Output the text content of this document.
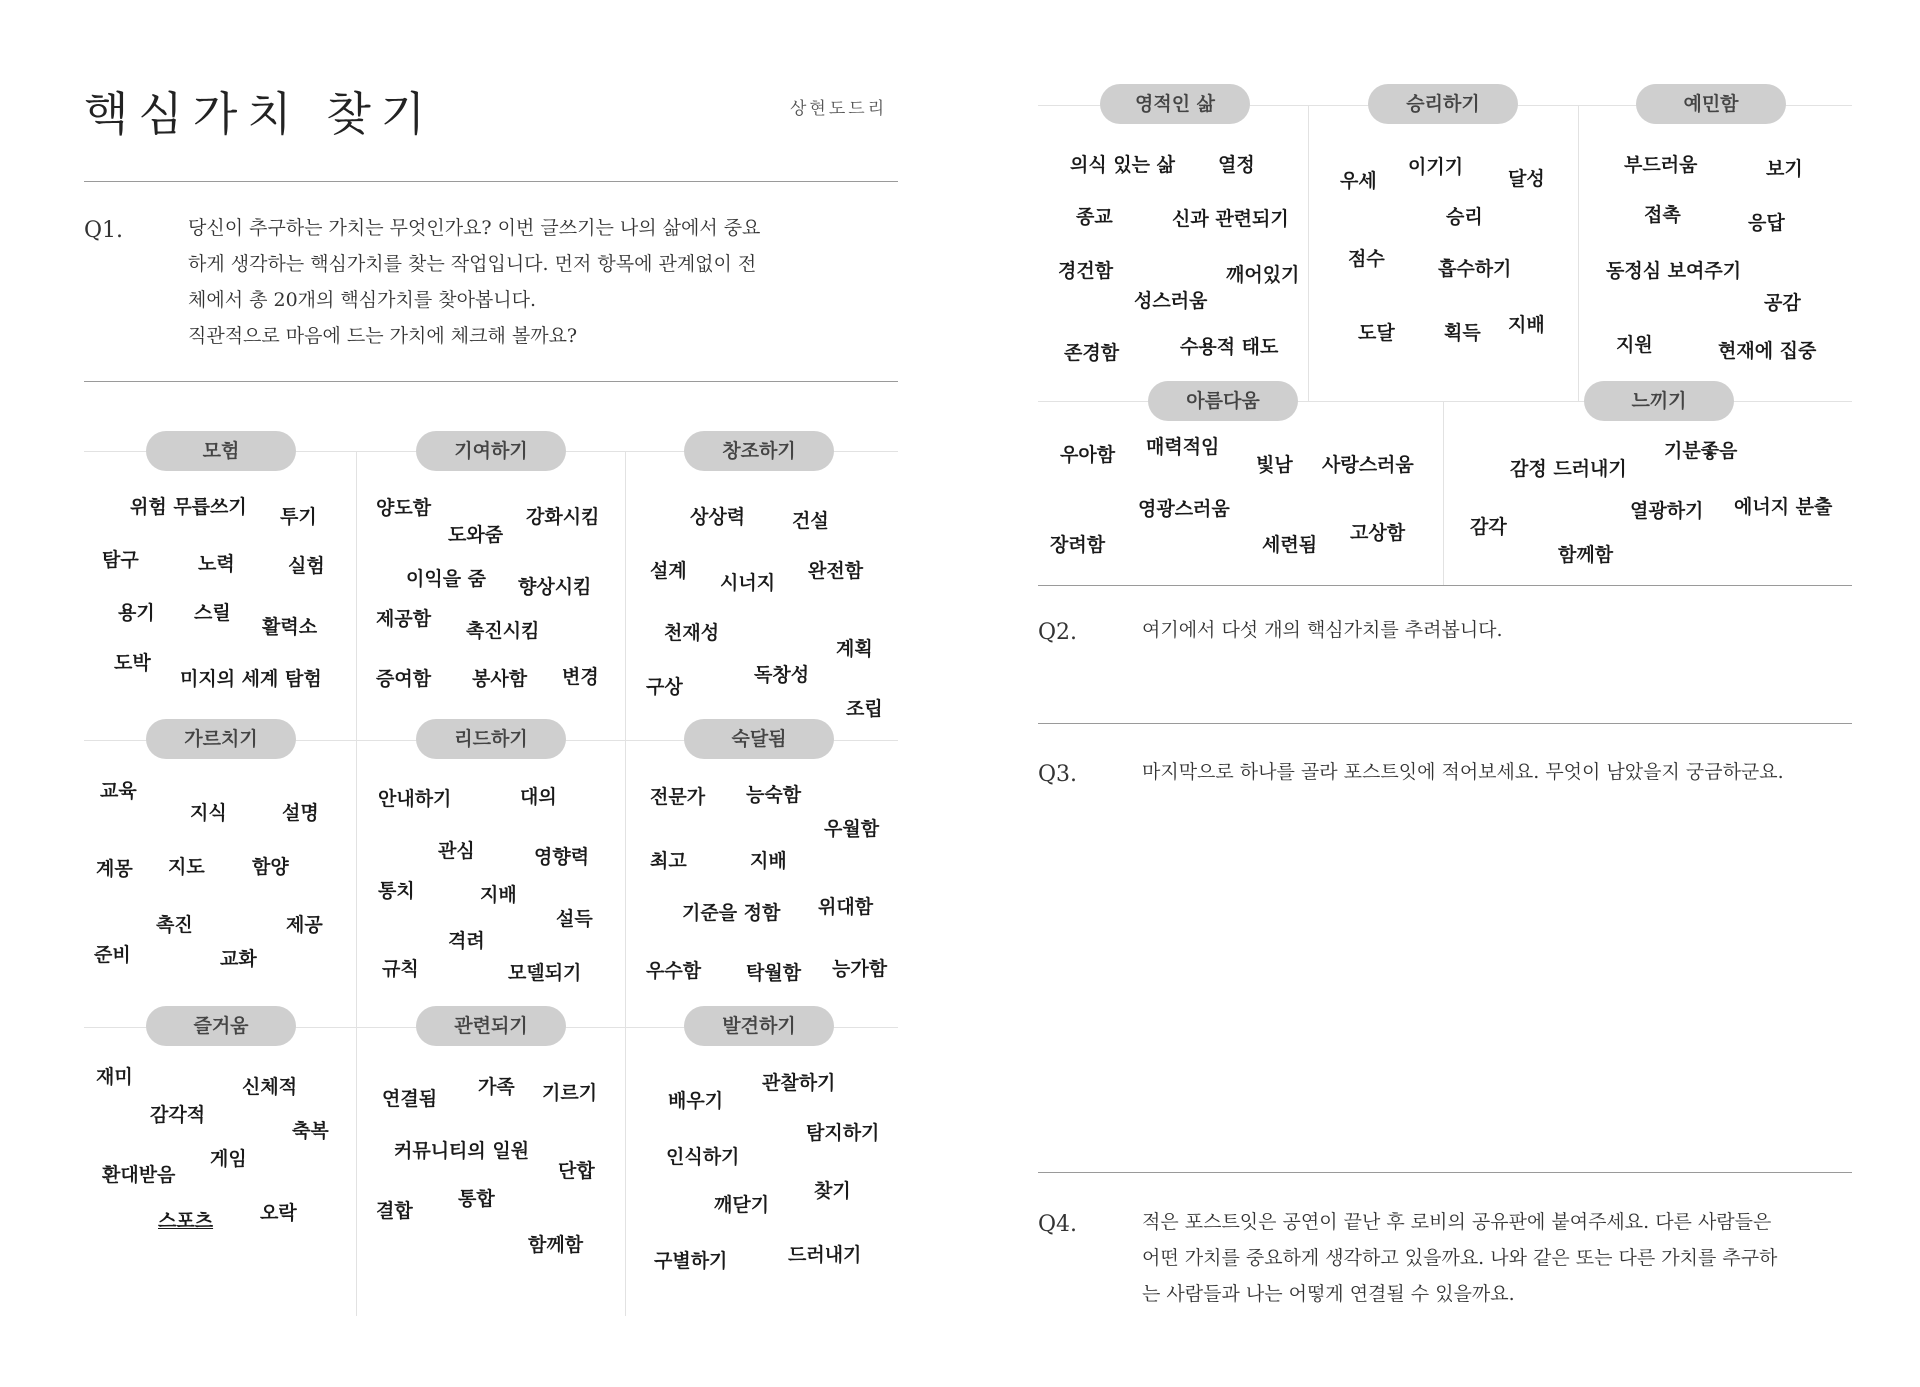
핵심가치 찾기	상현도드리
Q1.	당신이 추구하는 가치는 무엇인가요? 이번 글쓰기는 나의 삶에서 중요
하게 생각하는 핵심가치를 찾는 작업입니다. 먼저 항목에 관계없이 전
체에서 총 20개의 핵심가치를 찾아봅니다.
직관적으로 마음에 드는 가치에 체크해 볼까요?
모험
위험 무릅쓰기 투기
탐구	노력	실험
용기 스릴
활력소
도박
미지의 세계 탐험
기여하기
양도함	강화시킴
도와줌
이익을 줌 향상시킴
제공함
촉진시킴
증여함 봉사함 변경
창조하기
상상력 건설
설계
시너지
완전함
천재성
계획
독창성
구상
조립
가르치기
교육
지식	설명
계몽 지도 함양
촉진	제공
준비	교화
리드하기
안내하기	대의
관심	영향력
통치	지배
설득
격려
규칙	모델되기
숙달됨
전문가 능숙함
우월함
최고	지배
기준을 정함 위대함
우수함 탁월함 능가함
즐거움
재미	신체적
감각적
축복
게임
환대받음
스포츠 오락
관련되기
연결됨
가족 기르기
커뮤니티의 일원
단합
통합
결합
함께함
발견하기
배우기
관찰하기
탐지하기
인식하기
찾기
깨닫기
구별하기	드러내기
영적인 삶
의식 있는 삶 열정
종교	신과 관련되기
경건함	깨어있기
성스러움
존경함	수용적 태도
승리하기
이기기
우세	달성
승리
점수	흡수하기
도달	획득 지배
예민함
부드러움	보기
접촉	응답
동정심 보여주기
공감
지원	현재에 집중
아름다움
우아함 매력적임
빛남 사랑스러움
영광스러움
장려함	세련됨
고상함
느끼기
기분좋음
감정 드러내기
에너지 분출
열광하기
감각
함께함
Q2.	여기에서 다섯 개의 핵심가치를 추려봅니다.
Q3.	마지막으로 하나를 골라 포스트잇에 적어보세요. 무엇이 남았을지 궁금하군요.
Q4.	적은 포스트잇은 공연이 끝난 후 로비의 공유판에 붙여주세요. 다른 사람들은
어떤 가치를 중요하게 생각하고 있을까요. 나와 같은 또는 다른 가치를 추구하
는 사람들과 나는 어떻게 연결될 수 있을까요.
